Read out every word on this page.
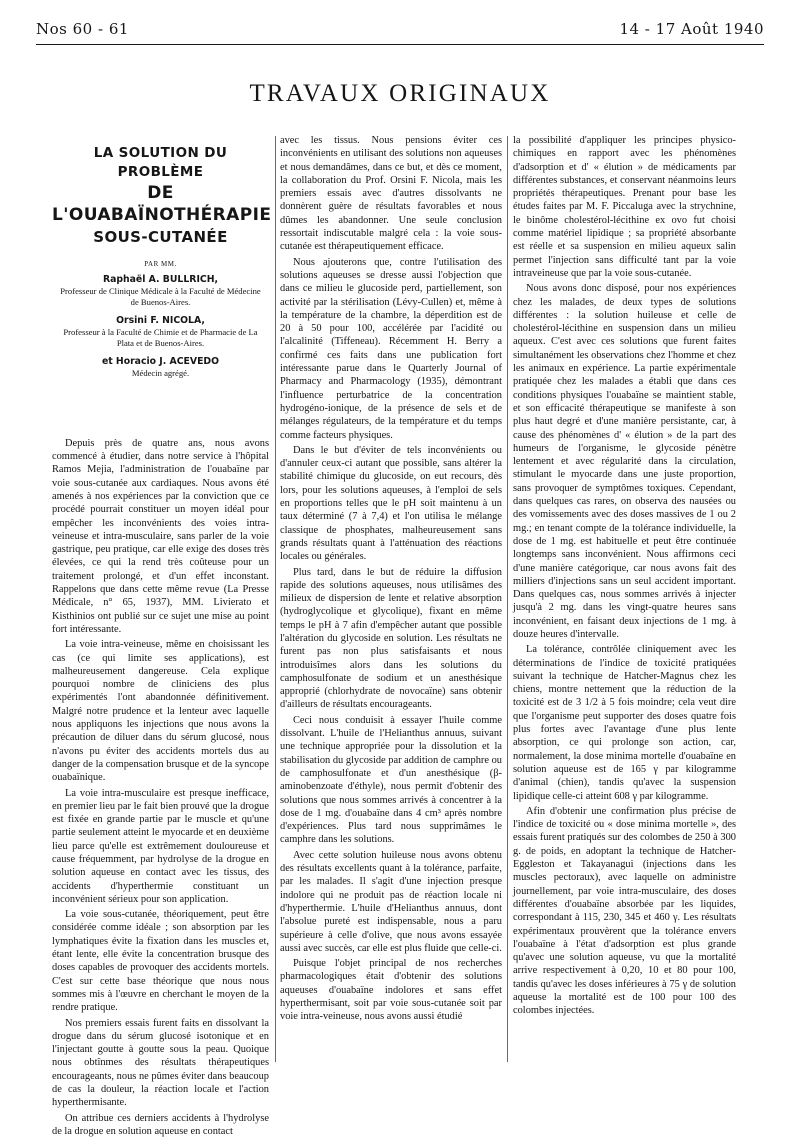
Nos 60 - 61	14 - 17 Août 1940
TRAVAUX ORIGINAUX
LA SOLUTION DU PROBLÈME
DE L'OUABAÏNOTHÉRAPIE
SOUS-CUTANÉE
PAR MM.
Raphaël A. BULLRICH,
Professeur de Clinique Médicale à la Faculté de Médecine de Buenos-Aires.
Orsini F. NICOLA,
Professeur à la Faculté de Chimie et de Pharmacie de La Plata et de Buenos-Aires.
et Horacio J. ACEVEDO
Médecin agrégé.

Depuis près de quatre ans, nous avons commencé à étudier, dans notre service à l'hôpital Ramos Mejia, l'administration de l'ouabaïne par voie sous-cutanée aux cardiaques. Nous avons été amenés à nos expériences par la conviction que ce procédé pourrait constituer un moyen idéal pour empêcher les inconvénients des voies intra-veineuse et intra-musculaire, sans parler de la voie gastrique, peu pratique, car elle exige des doses très élevées, ce qui la rend très coûteuse pour un traitement prolongé, et d'un effet inconstant. Rappelons que dans cette même revue (La Presse Médicale, n° 65, 1937), MM. Livierato et Kisthinios ont publié sur ce sujet une mise au point fort intéressante.

La voie intra-veineuse, même en choisissant les cas (ce qui limite ses applications), est malheureusement dangereuse. Cela explique pourquoi nombre de cliniciens des plus expérimentés l'ont abandonnée définitivement. Malgré notre prudence et la lenteur avec laquelle nous appliquons les injections que nous avons la précaution de diluer dans du sérum glucosé, nous n'avons pu éviter des accidents mortels dus au danger de la compensation brusque et de la syncope ouabaïnique.

La voie intra-musculaire est presque inefficace, en premier lieu par le fait bien prouvé que la drogue est fixée en grande partie par le muscle et qu'une partie seulement atteint le myocarde et en deuxième lieu parce qu'elle est extrêmement douloureuse et cause fréquemment, par hydrolyse de la drogue en solution aqueuse en contact avec les tissus, des accidents d'hyperthermie constituant un inconvénient sérieux pour son application.

La voie sous-cutanée, théoriquement, peut être considérée comme idéale ; son absorption par les lymphatiques évite la fixation dans les muscles et, étant lente, elle évite la concentration brusque des doses capables de provoquer des accidents mortels. C'est sur cette base théorique que nous nous sommes mis à l'œuvre en cherchant le moyen de la rendre pratique.

Nos premiers essais furent faits en dissolvant la drogue dans du sérum glucosé isotonique et en l'injectant goutte à goutte sous la peau. Quoique nous obtînmes des résultats thérapeutiques encourageants, nous ne pûmes éviter dans beaucoup de cas la douleur, la réaction locale et l'action hyperthermisante.

On attribue ces derniers accidents à l'hydrolyse de la drogue en solution aqueuse en contact

avec les tissus. Nous pensions éviter ces inconvénients en utilisant des solutions non aqueuses et nous demandâmes, dans ce but, et dès ce moment, la collaboration du Prof. Orsini F. Nicola, mais les premiers essais avec d'autres dissolvants ne donnèrent guère de résultats favorables et nous dûmes les abandonner. Une seule conclusion ressortait indiscutable malgré cela : la voie sous-cutanée est thérapeutiquement efficace.

Nous ajouterons que, contre l'utilisation des solutions aqueuses se dresse aussi l'objection que dans ce milieu le glucoside perd, partiellement, son activité par la stérilisation (Lévy-Cullen) et, même à la température de la chambre, la déperdition est de 20 à 50 pour 100, accélérée par l'acidité ou l'alcalinité (Tiffeneau). Récemment H. Berry a confirmé ces faits dans une publication fort intéressante parue dans le Quarterly Journal of Pharmacy and Pharmacology (1935), démontrant l'influence perturbatrice de la concentration hydrogéno-ionique, de la présence de sels et de mélanges régulateurs, de la température et du temps comme facteurs physiques.

Dans le but d'éviter de tels inconvénients ou d'annuler ceux-ci autant que possible, sans altérer la stabilité chimique du glucoside, on eut recours, dès lors, pour les solutions aqueuses, à l'emploi de sels en proportions telles que le pH soit maintenu à un taux déterminé (7 à 7,4) et l'on utilisa le mélange classique de phosphates, malheureusement sans grands résultats quant à l'atténuation des réactions locales ou générales.

Plus tard, dans le but de réduire la diffusion rapide des solutions aqueuses, nous utilisâmes des milieux de dispersion de lente et relative absorption (hydroglycolique et glycolique), fixant en même temps le pH à 7 afin d'empêcher autant que possible l'altération du glycoside en solution. Les résultats ne furent pas non plus satisfaisants et nous introduisîmes alors dans les solutions du camphosulfonate de sodium et un anesthésique approprié (chlorhydrate de novocaïne) sans obtenir d'ailleurs de résultats encourageants.

Ceci nous conduisit à essayer l'huile comme dissolvant. L'huile de l'Helianthus annuus, suivant une technique appropriée pour la dissolution et la stabilisation du glycoside par addition de camphre ou de camphosulfonate et d'un anesthésique (β-aminobenzoate d'éthyle), nous permit d'obtenir des solutions que nous sommes arrivés à concentrer à la dose de 1 mg. d'ouabaïne dans 4 cm³ après nombre d'expériences. Plus tard nous supprimâmes le camphre dans les solutions.

Avec cette solution huileuse nous avons obtenu des résultats excellents quant à la tolérance, parfaite, par les malades. Il s'agit d'une injection presque indolore qui ne produit pas de réaction locale ni d'hyperthermie. L'huile d'Helianthus annuus, dont l'absolue pureté est indispensable, nous a paru supérieure à celle d'olive, que nous avons essayée aussi avec succès, car elle est plus fluide que celle-ci.

Puisque l'objet principal de nos recherches pharmacologiques était d'obtenir des solutions aqueuses d'ouabaïne indolores et sans effet hyperthermisant, soit par voie sous-cutanée soit par voie intra-veineuse, nous avons aussi étudié

la possibilité d'appliquer les principes physico-chimiques en rapport avec les phénomènes d'adsorption et d' « élution » de médicaments par différentes substances, et conservant néanmoins leurs propriétés thérapeutiques. Prenant pour base les études faites par M. F. Piccaluga avec la strychnine, le binôme cholestérol-lécithine ex ovo fut choisi comme matériel lipidique ; sa propriété absorbante est réelle et sa suspension en milieu aqueux salin permet l'injection sans difficulté tant par la voie intraveineuse que par la voie sous-cutanée.

Nous avons donc disposé, pour nos expériences chez les malades, de deux types de solutions différentes : la solution huileuse et celle de cholestérol-lécithine en suspension dans un milieu aqueux. C'est avec ces solutions que furent faites simultanément les observations chez l'homme et chez les animaux en expérience. La partie expérimentale pratiquée chez les malades a établi que dans ces conditions physiques l'ouabaïne se maintient stable, et son efficacité thérapeutique se manifeste à son plus haut degré et d'une manière persistante, car, à cause des phénomènes d' « élution » de la part des humeurs de l'organisme, le glycoside pénètre lentement et avec régularité dans la circulation, stimulant le myocarde dans une juste proportion, sans provoquer de symptômes toxiques. Cependant, dans quelques cas rares, on observa des nausées ou des vomissements avec des doses massives de 1 ou 2 mg.; en tenant compte de la tolérance individuelle, la dose de 1 mg. est habituelle et peut être continuée longtemps sans inconvénient. Nous affirmons ceci d'une manière catégorique, car nous avons fait des milliers d'injections sans un seul accident important. Dans quelques cas, nous sommes arrivés à injecter jusqu'à 2 mg. dans les vingt-quatre heures sans inconvénient, en faisant deux injections de 1 mg. à douze heures d'intervalle.

La tolérance, contrôlée cliniquement avec les déterminations de l'indice de toxicité pratiquées suivant la technique de Hatcher-Magnus chez les chiens, montre nettement que la réduction de la toxicité est de 3 1/2 à 5 fois moindre; cela veut dire que l'organisme peut supporter des doses quatre fois plus fortes avec l'avantage d'une plus lente absorption, ce qui prolonge son action, car, normalement, la dose minima mortelle d'ouabaïne en solution aqueuse est de 165 γ par kilogramme d'animal (chien), tandis qu'avec la suspension lipidique celle-ci atteint 608 γ par kilogramme.

Afin d'obtenir une confirmation plus précise de l'indice de toxicité ou « dose minima mortelle », des essais furent pratiqués sur des colombes de 250 à 300 g. de poids, en adoptant la technique de Hatcher-Eggleston et Takayanagui (injections dans les muscles pectoraux), avec laquelle on administre journellement, par voie intra-musculaire, des doses différentes d'ouabaïne absorbée par les liquides, correspondant à 115, 230, 345 et 460 γ. Les résultats expérimentaux prouvèrent que la tolérance envers l'ouabaïne à l'état d'adsorption est plus grande qu'avec une solution aqueuse, vu que la mortalité arrive respectivement à 0,20, 10 et 80 pour 100, tandis qu'avec les doses inférieures à 75 γ de solution aqueuse la mortalité est de 100 pour 100 des colombes injectées.
